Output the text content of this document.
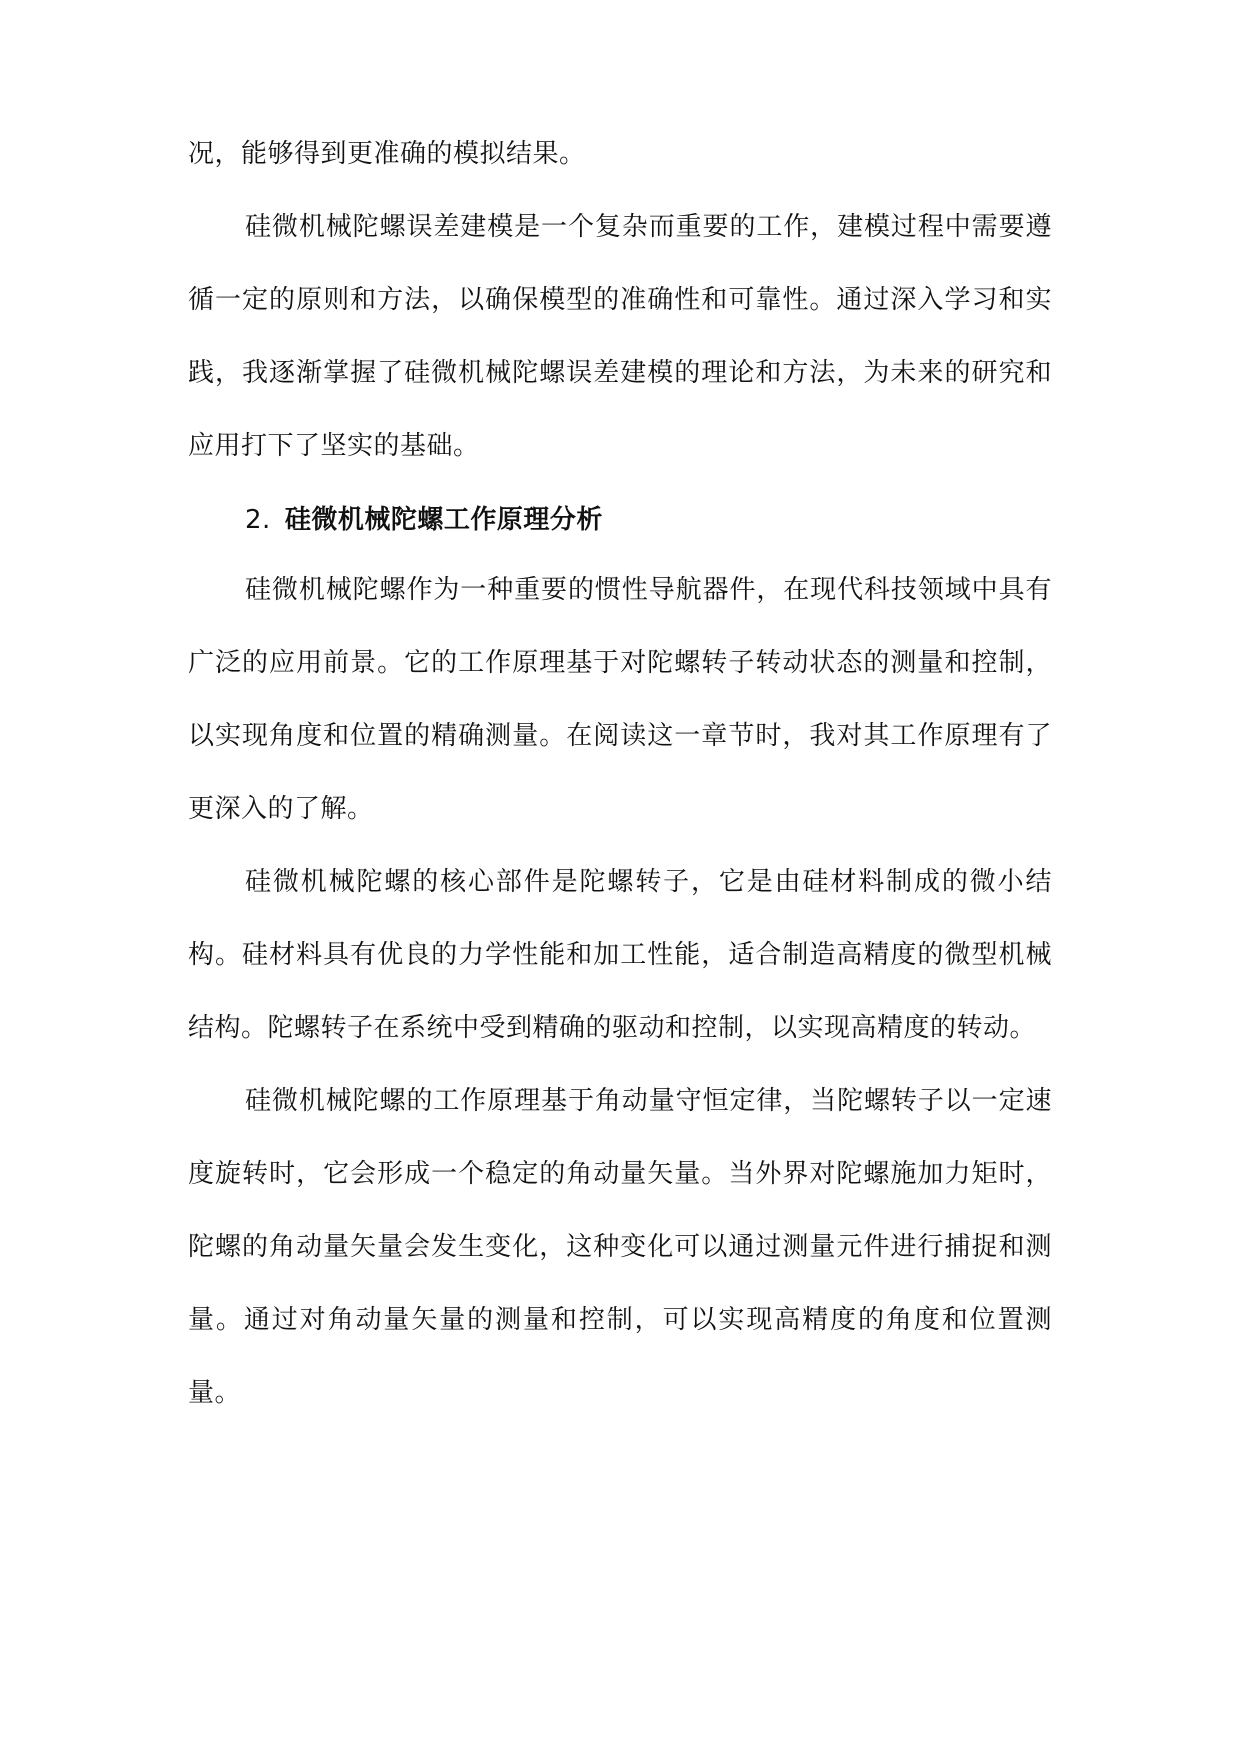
况，能够得到更准确的模拟结果。

硅微机械陀螺误差建模是一个复杂而重要的工作，建模过程中需要遵循一定的原则和方法，以确保模型的准确性和可靠性。通过深入学习和实践，我逐渐掌握了硅微机械陀螺误差建模的理论和方法，为未来的研究和应用打下了坚实的基础。

2. 硅微机械陀螺工作原理分析

硅微机械陀螺作为一种重要的惯性导航器件，在现代科技领域中具有广泛的应用前景。它的工作原理基于对陀螺转子转动状态的测量和控制，以实现角度和位置的精确测量。在阅读这一章节时，我对其工作原理有了更深入的了解。

硅微机械陀螺的核心部件是陀螺转子，它是由硅材料制成的微小结构。硅材料具有优良的力学性能和加工性能，适合制造高精度的微型机械结构。陀螺转子在系统中受到精确的驱动和控制，以实现高精度的转动。

硅微机械陀螺的工作原理基于角动量守恒定律，当陀螺转子以一定速度旋转时，它会形成一个稳定的角动量矢量。当外界对陀螺施加力矩时，陀螺的角动量矢量会发生变化，这种变化可以通过测量元件进行捕捉和测量。通过对角动量矢量的测量和控制，可以实现高精度的角度和位置测量。
